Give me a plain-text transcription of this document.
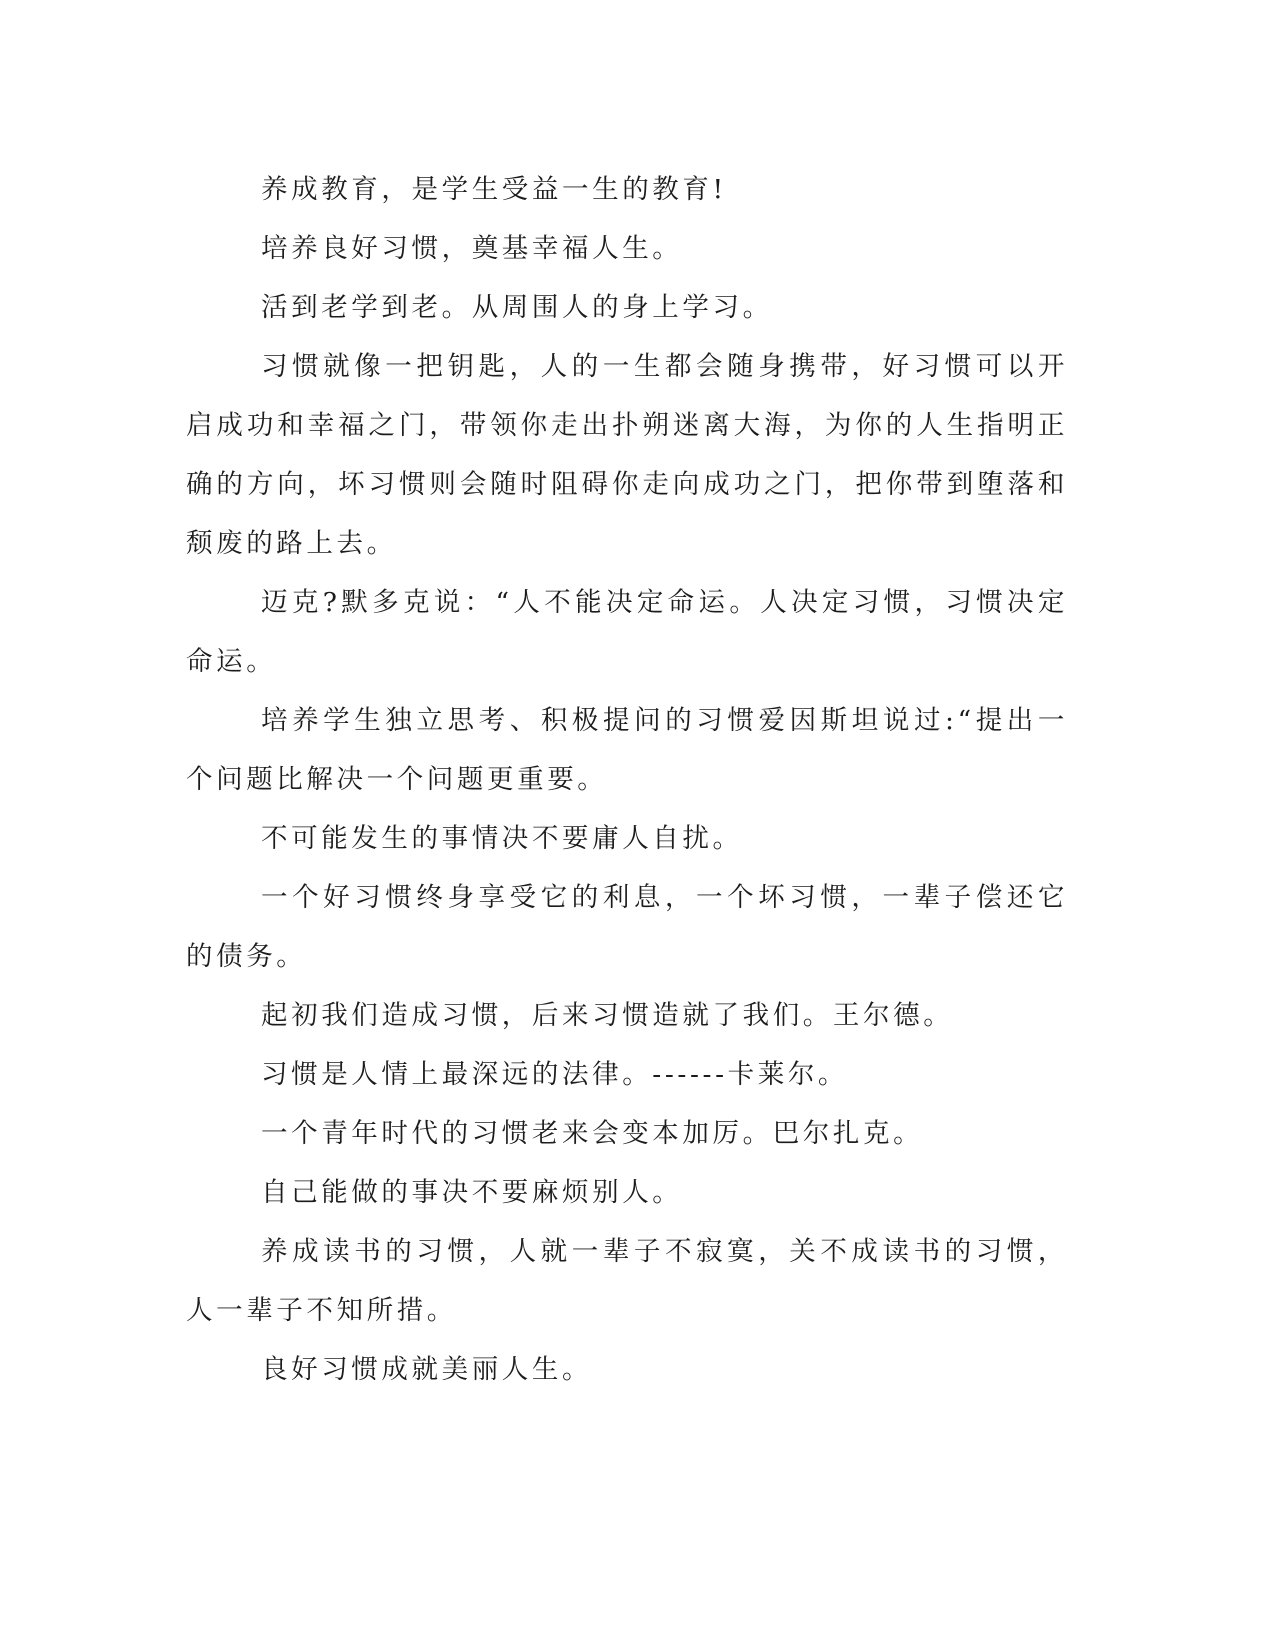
养成教育，是学生受益一生的教育!

培养良好习惯，奠基幸福人生。

活到老学到老。从周围人的身上学习。

习惯就像一把钥匙，人的一生都会随身携带，好习惯可以开启成功和幸福之门，带领你走出扑朔迷离大海，为你的人生指明正确的方向，坏习惯则会随时阻碍你走向成功之门，把你带到堕落和颓废的路上去。

迈克?默多克说：“人不能决定命运。人决定习惯，习惯决定命运。

培养学生独立思考、积极提问的习惯爱因斯坦说过:“提出一个问题比解决一个问题更重要。

不可能发生的事情决不要庸人自扰。

一个好习惯终身享受它的利息，一个坏习惯，一辈子偿还它的债务。

起初我们造成习惯，后来习惯造就了我们。王尔德。

习惯是人情上最深远的法律。------卡莱尔。

一个青年时代的习惯老来会变本加厉。巴尔扎克。

自己能做的事决不要麻烦别人。

养成读书的习惯，人就一辈子不寂寞，关不成读书的习惯，人一辈子不知所措。

良好习惯成就美丽人生。
